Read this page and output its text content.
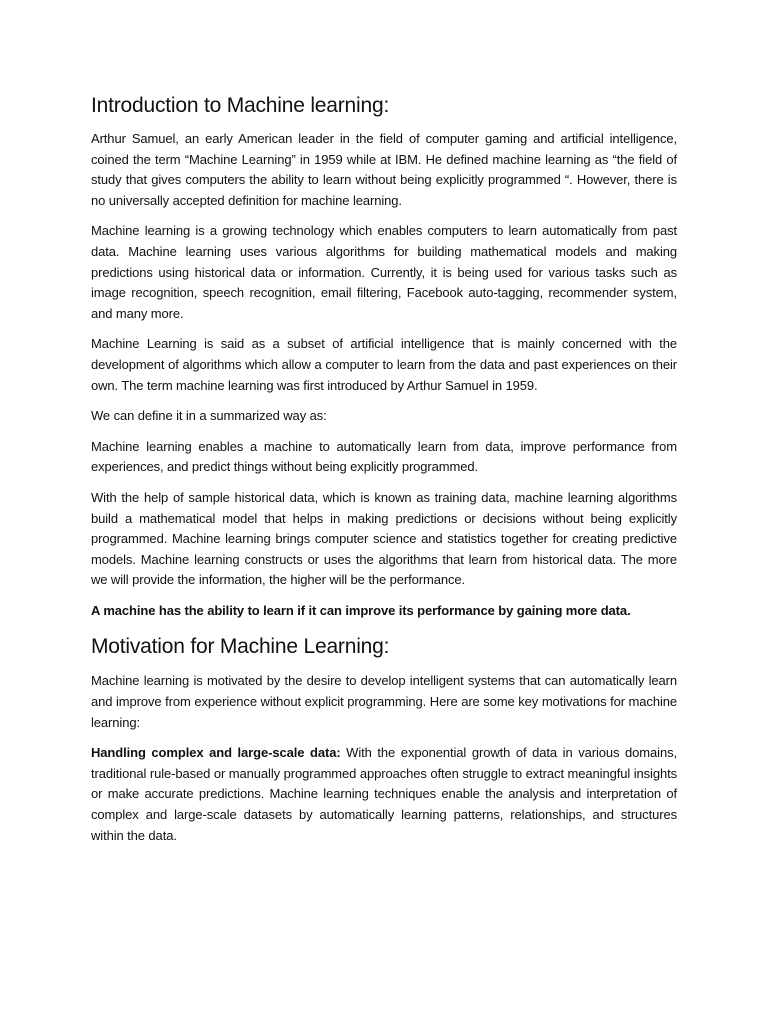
Introduction to Machine learning:

Arthur Samuel, an early American leader in the field of computer gaming and artificial intelligence, coined the term “Machine Learning” in 1959 while at IBM. He defined machine learning as “the field of study that gives computers the ability to learn without being explicitly programmed “. However, there is no universally accepted definition for machine learning.

Machine learning is a growing technology which enables computers to learn automatically from past data. Machine learning uses various algorithms for building mathematical models and making predictions using historical data or information. Currently, it is being used for various tasks such as image recognition, speech recognition, email filtering, Facebook auto-tagging, recommender system, and many more.

Machine Learning is said as a subset of artificial intelligence that is mainly concerned with the development of algorithms which allow a computer to learn from the data and past experiences on their own. The term machine learning was first introduced by Arthur Samuel in 1959.

We can define it in a summarized way as:

Machine learning enables a machine to automatically learn from data, improve performance from experiences, and predict things without being explicitly programmed.

With the help of sample historical data, which is known as training data, machine learning algorithms build a mathematical model that helps in making predictions or decisions without being explicitly programmed. Machine learning brings computer science and statistics together for creating predictive models. Machine learning constructs or uses the algorithms that learn from historical data. The more we will provide the information, the higher will be the performance.

A machine has the ability to learn if it can improve its performance by gaining more data.

Motivation for Machine Learning:

Machine learning is motivated by the desire to develop intelligent systems that can automatically learn and improve from experience without explicit programming. Here are some key motivations for machine learning:

Handling complex and large-scale data: With the exponential growth of data in various domains, traditional rule-based or manually programmed approaches often struggle to extract meaningful insights or make accurate predictions. Machine learning techniques enable the analysis and interpretation of complex and large-scale datasets by automatically learning patterns, relationships, and structures within the data.
